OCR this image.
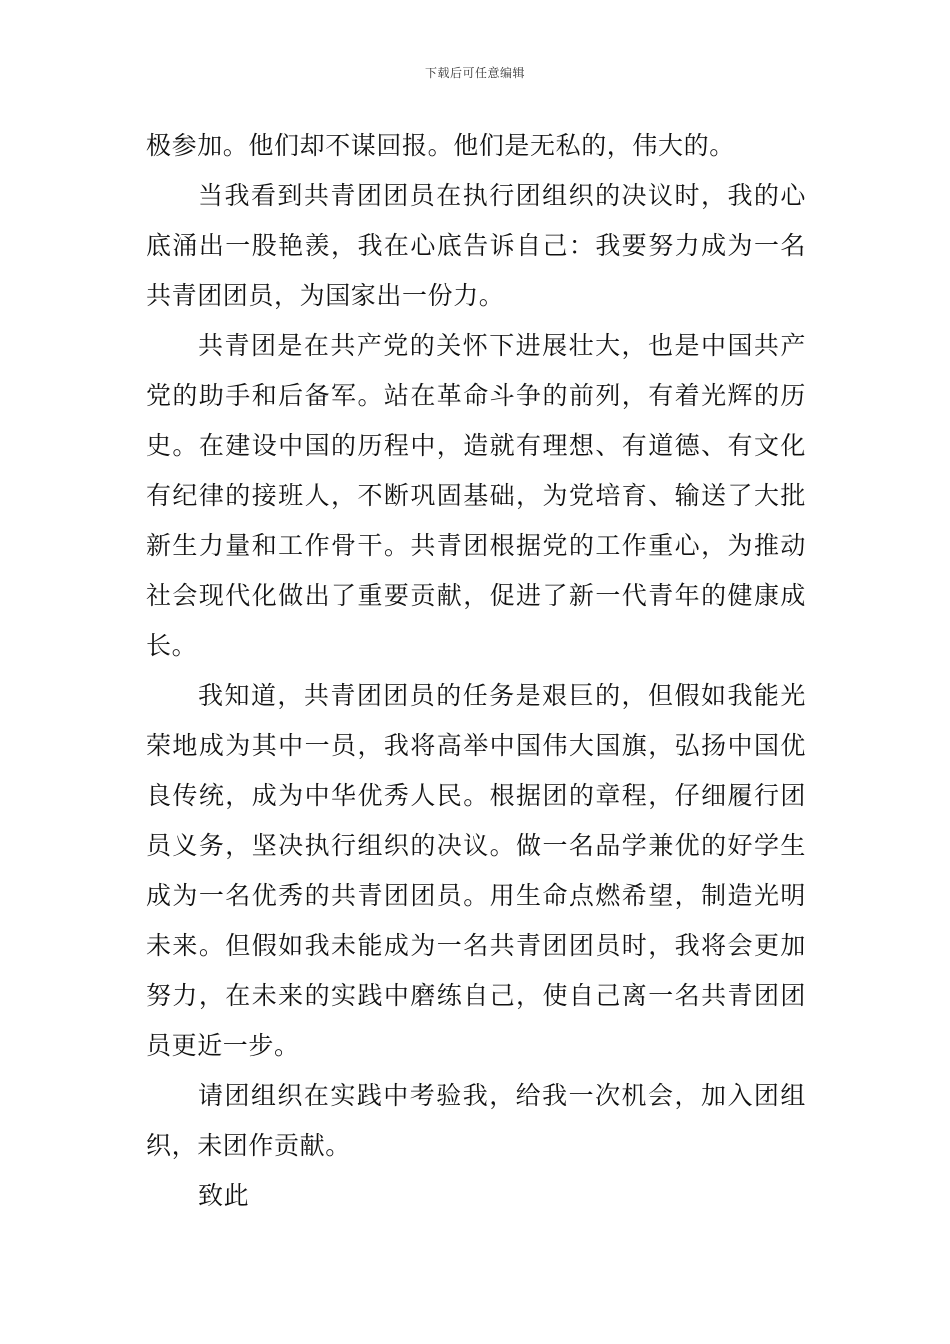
下载后可任意编辑

极参加。他们却不谋回报。他们是无私的，伟大的。

当我看到共青团团员在执行团组织的决议时，我的心底涌出一股艳羡，我在心底告诉自己：我要努力成为一名共青团团员，为国家出一份力。

共青团是在共产党的关怀下进展壮大，也是中国共产党的助手和后备军。站在革命斗争的前列，有着光辉的历史。在建设中国的历程中，造就有理想、有道德、有文化有纪律的接班人，不断巩固基础，为党培育、输送了大批新生力量和工作骨干。共青团根据党的工作重心，为推动社会现代化做出了重要贡献，促进了新一代青年的健康成长。

我知道，共青团团员的任务是艰巨的，但假如我能光荣地成为其中一员，我将高举中国伟大国旗，弘扬中国优良传统，成为中华优秀人民。根据团的章程，仔细履行团员义务，坚决执行组织的决议。做一名品学兼优的好学生成为一名优秀的共青团团员。用生命点燃希望，制造光明未来。但假如我未能成为一名共青团团员时，我将会更加努力，在未来的实践中磨练自己，使自己离一名共青团团员更近一步。

请团组织在实践中考验我，给我一次机会，加入团组织，未团作贡献。

致此
